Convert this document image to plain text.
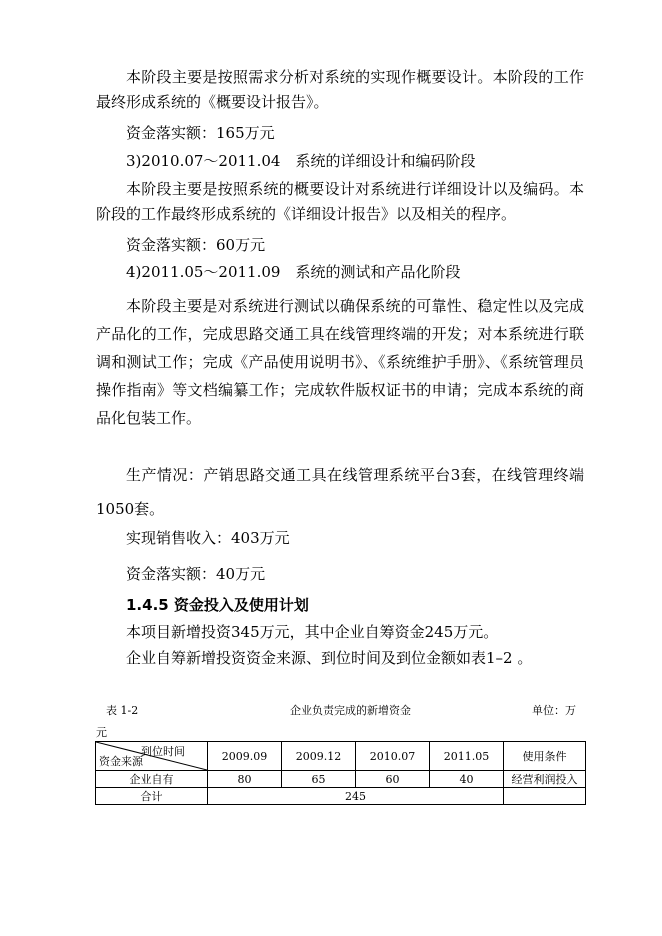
本阶段主要是按照需求分析对系统的实现作概要设计。本阶段的工作最终形成系统的《概要设计报告》。

资金落实额：165万元

3)2010.07～2011.04　系统的详细设计和编码阶段

本阶段主要是按照系统的概要设计对系统进行详细设计以及编码。本阶段的工作最终形成系统的《详细设计报告》以及相关的程序。

资金落实额：60万元

4)2011.05～2011.09　系统的测试和产品化阶段

本阶段主要是对系统进行测试以确保系统的可靠性、稳定性以及完成产品化的工作，完成思路交通工具在线管理终端的开发；对本系统进行联调和测试工作；完成《产品使用说明书》、《系统维护手册》、《系统管理员操作指南》等文档编纂工作；完成软件版权证书的申请；完成本系统的商品化包装工作。

生产情况：产销思路交通工具在线管理系统平台3套，在线管理终端1050套。

实现销售收入：403万元

资金落实额：40万元

1.4.5 资金投入及使用计划

本项目新增投资345万元，其中企业自筹资金245万元。

企业自筹新增投资资金来源、到位时间及到位金额如表1–2 。

表 1-2	企业负责完成的新增资金	单位：万
元
到位时间
资金来源	2009.09	2009.12	2010.07	2011.05	使用条件
企业自有	80	65	60	40	经营利润投入
合计	245				
